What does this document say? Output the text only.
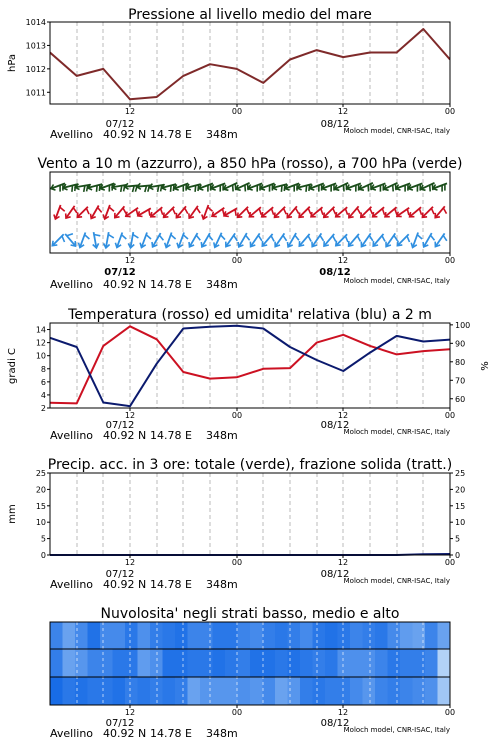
Pressione al livello medio del mare
1011
1012
1013
1014
hPa
12	00	12	00
07/12	08/12
Avellino 40.92 N 14.78 E 348m	Moloch model, CNR-ISAC, Italy
Vento a 10 m (azzurro), a 850 hPa (rosso), a 700 hPa (verde)
12	00	12	00
07/12	08/12
Avellino 40.92 N 14.78 E 348m	Moloch model, CNR-ISAC, Italy
Temperatura (rosso) ed umidita' relativa (blu) a 2 m
2
4
6
8
10
12
14
60
70
80
90
100
gradi C	%
12	00	12	00
07/12	08/12
Avellino 40.92 N 14.78 E 348m	Moloch model, CNR-ISAC, Italy
Precip. acc. in 3 ore: totale (verde), frazione solida (tratt.)
0
5
10
15
20
25
0
5
10
15
20
25
mm
12	00	12	00
07/12	08/12
Avellino 40.92 N 14.78 E 348m	Moloch model, CNR-ISAC, Italy
Nuvolosita' negli strati basso, medio e alto
12	00	12	00
07/12	08/12
Avellino 40.92 N 14.78 E 348m	Moloch model, CNR-ISAC, Italy
